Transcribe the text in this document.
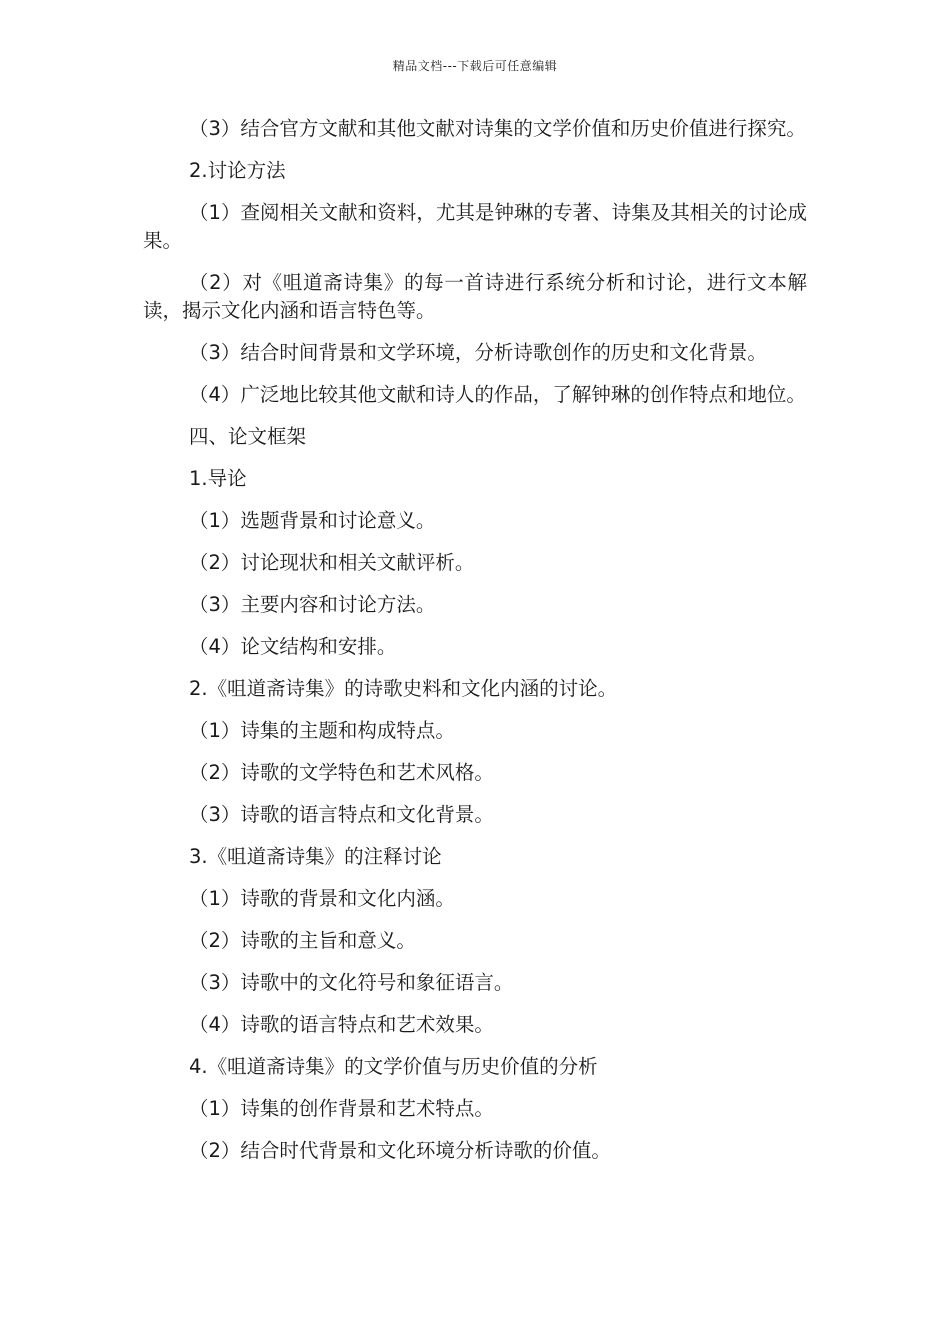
精品文档---下载后可任意编辑

（3）结合官方文献和其他文献对诗集的文学价值和历史价值进行探究。

2.讨论方法

（1）查阅相关文献和资料，尤其是钟琳的专著、诗集及其相关的讨论成果。

（2）对《咀道斋诗集》的每一首诗进行系统分析和讨论，进行文本解读，揭示文化内涵和语言特色等。

（3）结合时间背景和文学环境，分析诗歌创作的历史和文化背景。

（4）广泛地比较其他文献和诗人的作品，了解钟琳的创作特点和地位。

四、论文框架

1.导论

（1）选题背景和讨论意义。

（2）讨论现状和相关文献评析。

（3）主要内容和讨论方法。

（4）论文结构和安排。

2.《咀道斋诗集》的诗歌史料和文化内涵的讨论。

（1）诗集的主题和构成特点。

（2）诗歌的文学特色和艺术风格。

（3）诗歌的语言特点和文化背景。

3.《咀道斋诗集》的注释讨论

（1）诗歌的背景和文化内涵。

（2）诗歌的主旨和意义。

（3）诗歌中的文化符号和象征语言。

（4）诗歌的语言特点和艺术效果。

4.《咀道斋诗集》的文学价值与历史价值的分析

（1）诗集的创作背景和艺术特点。

（2）结合时代背景和文化环境分析诗歌的价值。
